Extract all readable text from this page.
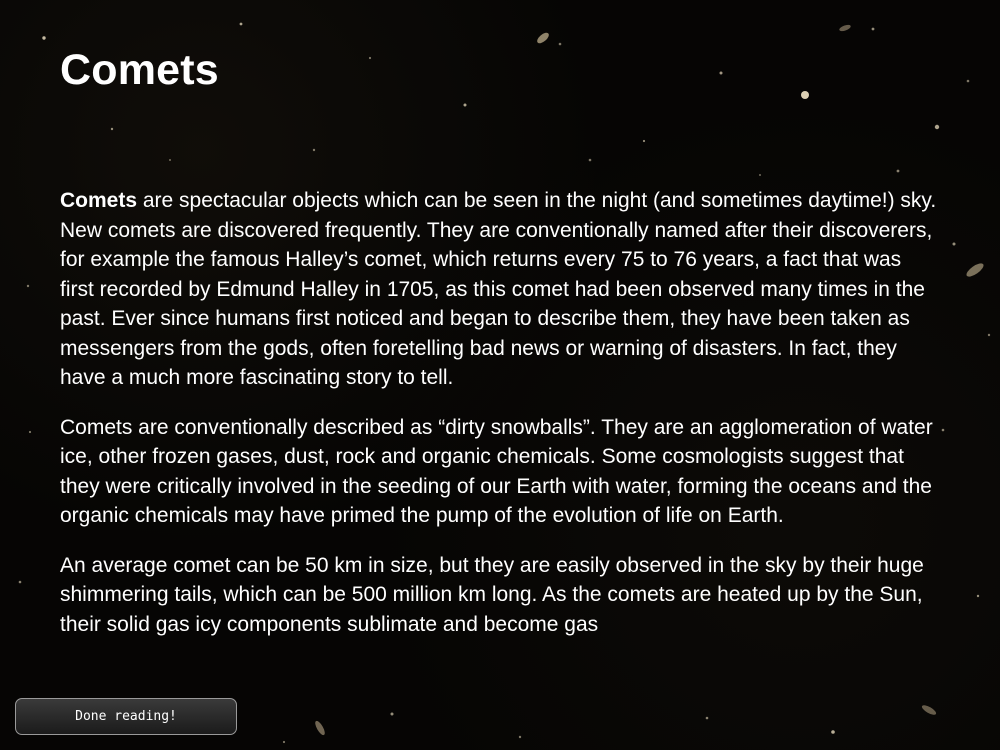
Comets

Comets are spectacular objects which can be seen in the night (and sometimes daytime!) sky. New comets are discovered frequently. They are conventionally named after their discoverers, for example the famous Halley’s comet, which returns every 75 to 76 years, a fact that was first recorded by Edmund Halley in 1705, as this comet had been observed many times in the past. Ever since humans first noticed and began to describe them, they have been taken as messengers from the gods, often foretelling bad news or warning of disasters. In fact, they have a much more fascinating story to tell.

Comets are conventionally described as “dirty snowballs”. They are an agglomeration of water ice, other frozen gases, dust, rock and organic chemicals. Some cosmologists suggest that they were critically involved in the seeding of our Earth with water, forming the oceans and the organic chemicals may have primed the pump of the evolution of life on Earth.

An average comet can be 50 km in size, but they are easily observed in the sky by their huge shimmering tails, which can be 500 million km long. As the comets are heated up by the Sun, their solid gas icy components sublimate and become gas

Done reading!
